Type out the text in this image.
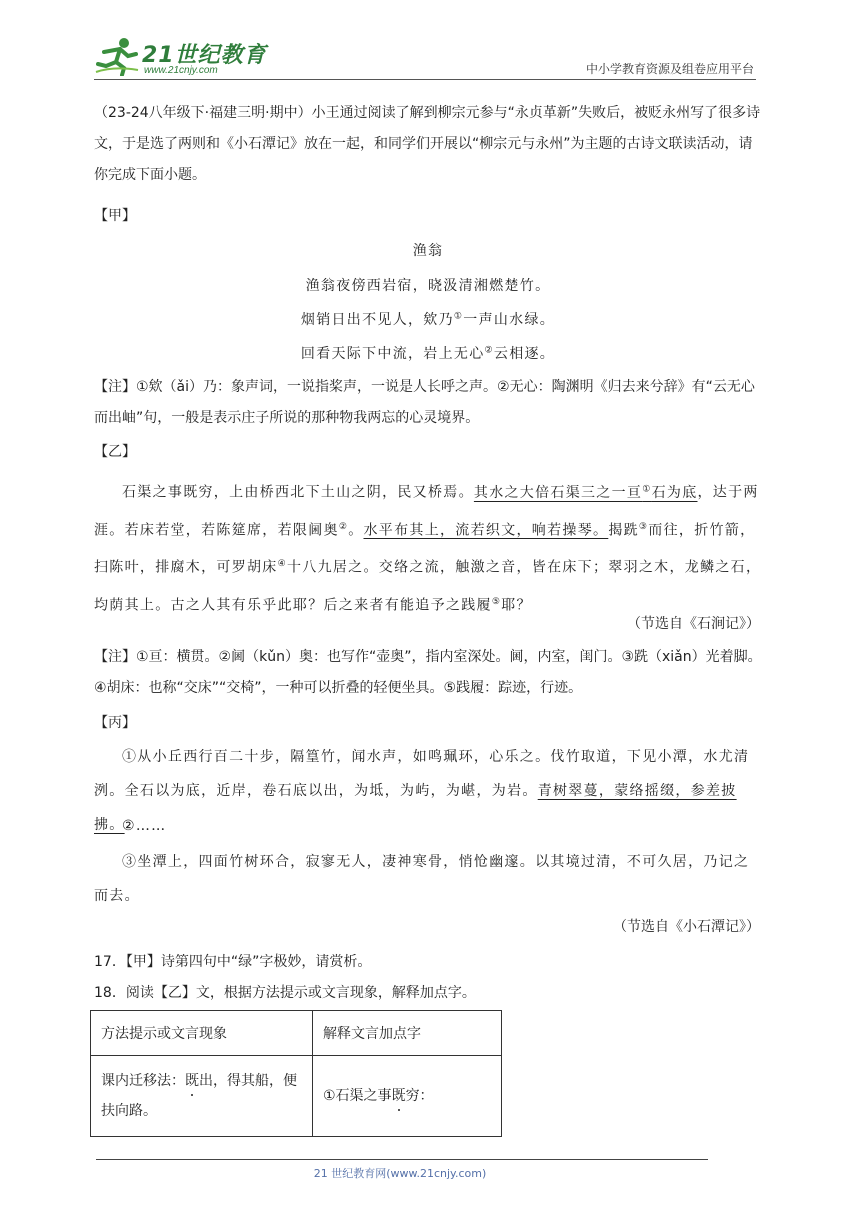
21世纪教育
www.21cnjy.com	中小学教育资源及组卷应用平台
（23-24八年级下·福建三明·期中）小王通过阅读了解到柳宗元参与“永贞革新”失败后，被贬永州写了很多诗文，于是选了两则和《小石潭记》放在一起，和同学们开展以“柳宗元与永州”为主题的古诗文联读活动，请你完成下面小题。
【甲】
渔翁
渔翁夜傍西岩宿，晓汲清湘燃楚竹。
烟销日出不见人，欸乃①一声山水绿。
回看天际下中流，岩上无心②云相逐。
【注】①欸（ǎi）乃：象声词，一说指桨声，一说是人长呼之声。②无心：陶渊明《归去来兮辞》有“云无心而出岫”句，一般是表示庄子所说的那种物我两忘的心灵境界。
【乙】
石渠之事既穷，上由桥西北下土山之阴，民又桥焉。其水之大倍石渠三之一亘①石为底，达于两涯。若床若堂，若陈筵席，若限阃奥②。水平布其上，流若织文，响若操琴。揭跣③而往，折竹箭，扫陈叶，排腐木，可罗胡床④十八九居之。交络之流，触激之音，皆在床下；翠羽之木，龙鳞之石，均荫其上。古之人其有乐乎此耶？后之来者有能追予之践履⑤耶？
（节选自《石涧记》）
【注】①亘：横贯。②阃（kǔn）奥：也写作“壶奥”，指内室深处。阃，内室，闺门。③跣（xiǎn）光着脚。④胡床：也称“交床”“交椅”，一种可以折叠的轻便坐具。⑤践履：踪迹，行迹。
【丙】
①从小丘西行百二十步，隔篁竹，闻水声，如鸣珮环，心乐之。伐竹取道，下见小潭，水尤清洌。全石以为底，近岸，卷石底以出，为坻，为屿，为嵁，为岩。青树翠蔓，蒙络摇缀，参差披拂。
②……
③坐潭上，四面竹树环合，寂寥无人，凄神寒骨，悄怆幽邃。以其境过清，不可久居，乃记之而去。
（节选自《小石潭记》）
17．【甲】诗第四句中“绿”字极妙，请赏析。
18．阅读【乙】文，根据方法提示或文言现象，解释加点字。
方法提示或文言现象	解释文言加点字
课内迁移法：既出，得其船，便扶向路。	①石渠之事既穷：
21 世纪教育网(www.21cnjy.com)
